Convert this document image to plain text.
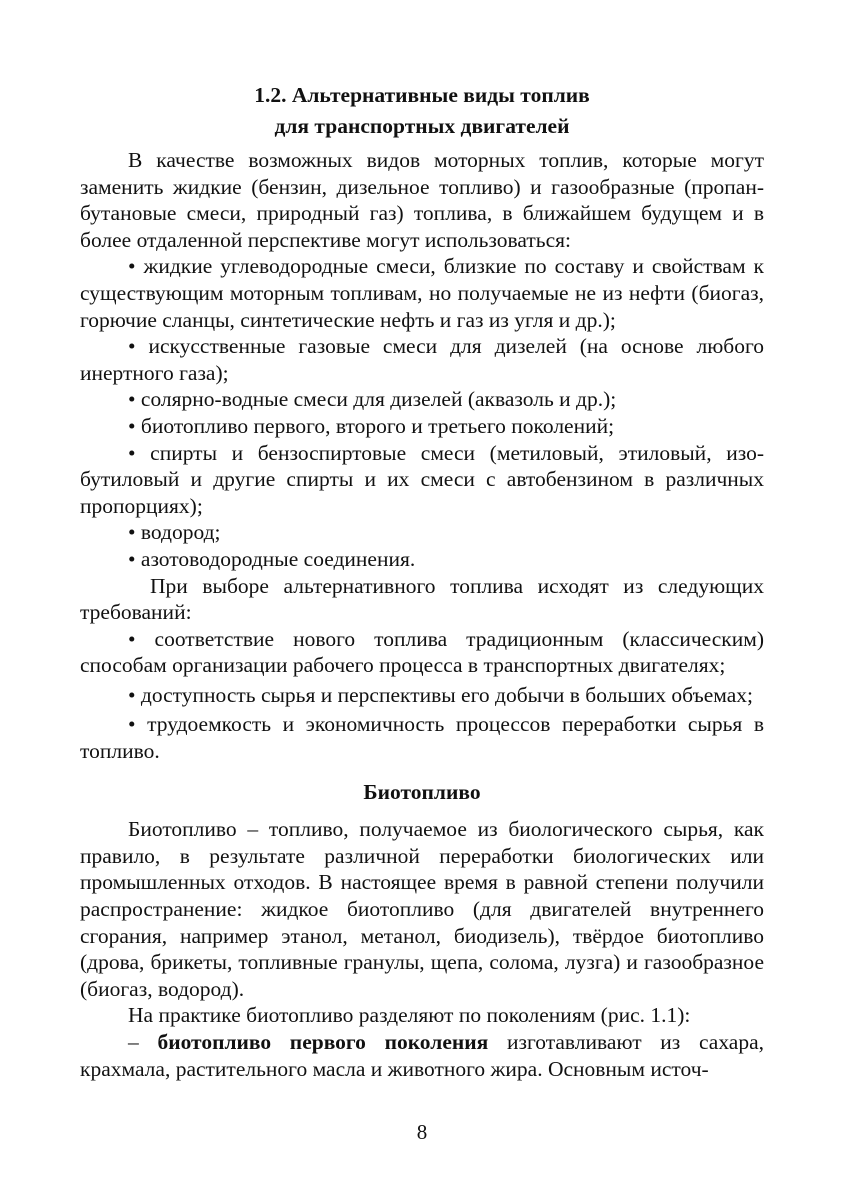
1.2. Альтернативные виды топлив
для транспортных двигателей

В качестве возможных видов моторных топлив, которые могут заменить жидкие (бензин, дизельное топливо) и газообразные (пропан-бутановые смеси, природный газ) топлива, в ближайшем будущем и в более отдаленной перспективе могут использоваться:

• жидкие углеводородные смеси, близкие по составу и свойствам к существующим моторным топливам, но получаемые не из нефти (биогаз, горючие сланцы, синтетические нефть и газ из угля и др.);

• искусственные газовые смеси для дизелей (на основе любого инертного газа);

• солярно-водные смеси для дизелей (аквазоль и др.);

• биотопливо первого, второго и третьего поколений;

• спирты и бензоспиртовые смеси (метиловый, этиловый, изобутиловый и другие спирты и их смеси с автобензином в различных пропорциях);

• водород;

• азотоводородные соединения.

При выборе альтернативного топлива исходят из следующих требований:

• соответствие нового топлива традиционным (классическим) способам организации рабочего процесса в транспортных двигателях;

• доступность сырья и перспективы его добычи в больших объемах;

• трудоемкость и экономичность процессов переработки сырья в топливо.

Биотопливо

Биотопливо – топливо, получаемое из биологического сырья, как правило, в результате различной переработки биологических или промышленных отходов. В настоящее время в равной степени получили распространение: жидкое биотопливо (для двигателей внутреннего сгорания, например этанол, метанол, биодизель), твёрдое биотопливо (дрова, брикеты, топливные гранулы, щепа, солома, лузга) и газообразное (биогаз, водород).

На практике биотопливо разделяют по поколениям (рис. 1.1):

– биотопливо первого поколения изготавливают из сахара, крахмала, растительного масла и животного жира. Основным источ-

8
